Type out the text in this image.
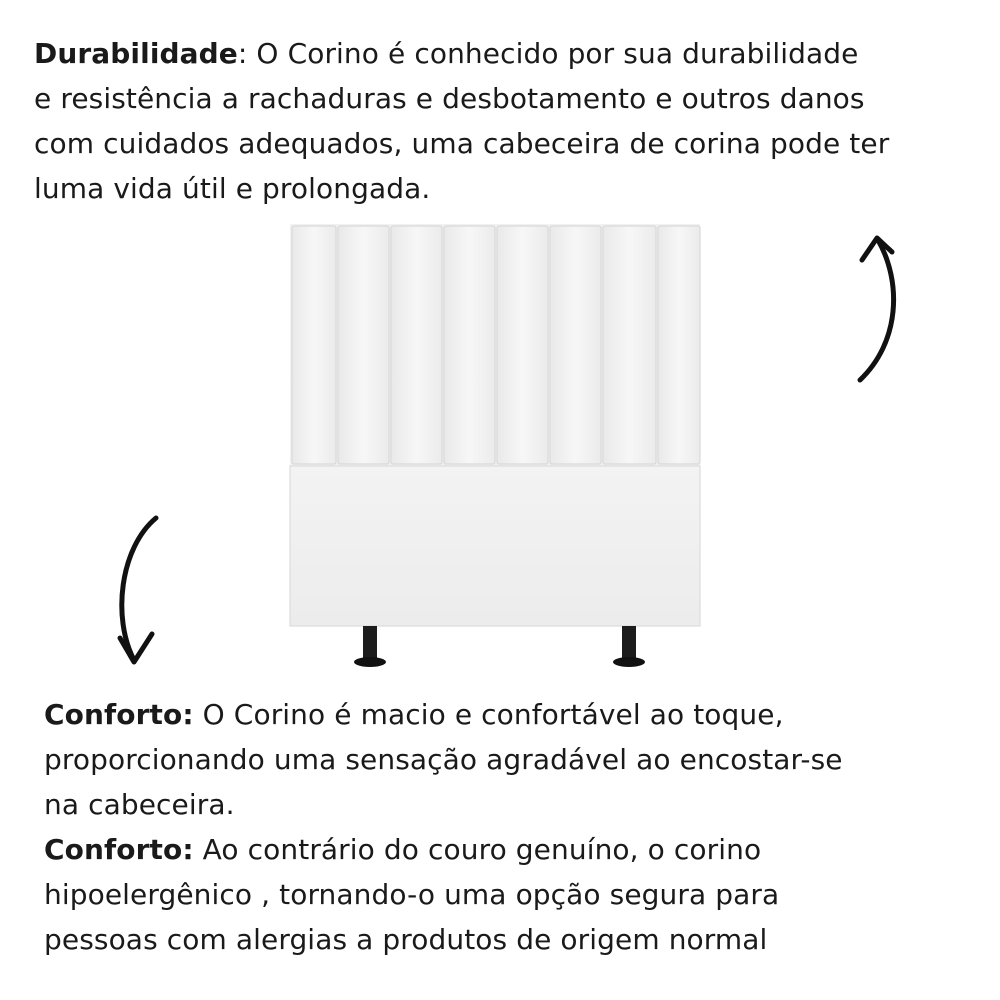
Durabilidade: O Corino é conhecido por sua durabilidade
e resistência a rachaduras e desbotamento e outros danos
com cuidados adequados, uma cabeceira de corina pode ter
luma vida útil e prolongada.
Conforto: O Corino é macio e confortável ao toque,
proporcionando uma sensação agradável ao encostar-se
na cabeceira.
Conforto: Ao contrário do couro genuíno, o corino
hipoelergênico , tornando-o uma opção segura para
pessoas com alergias a produtos de origem normal
